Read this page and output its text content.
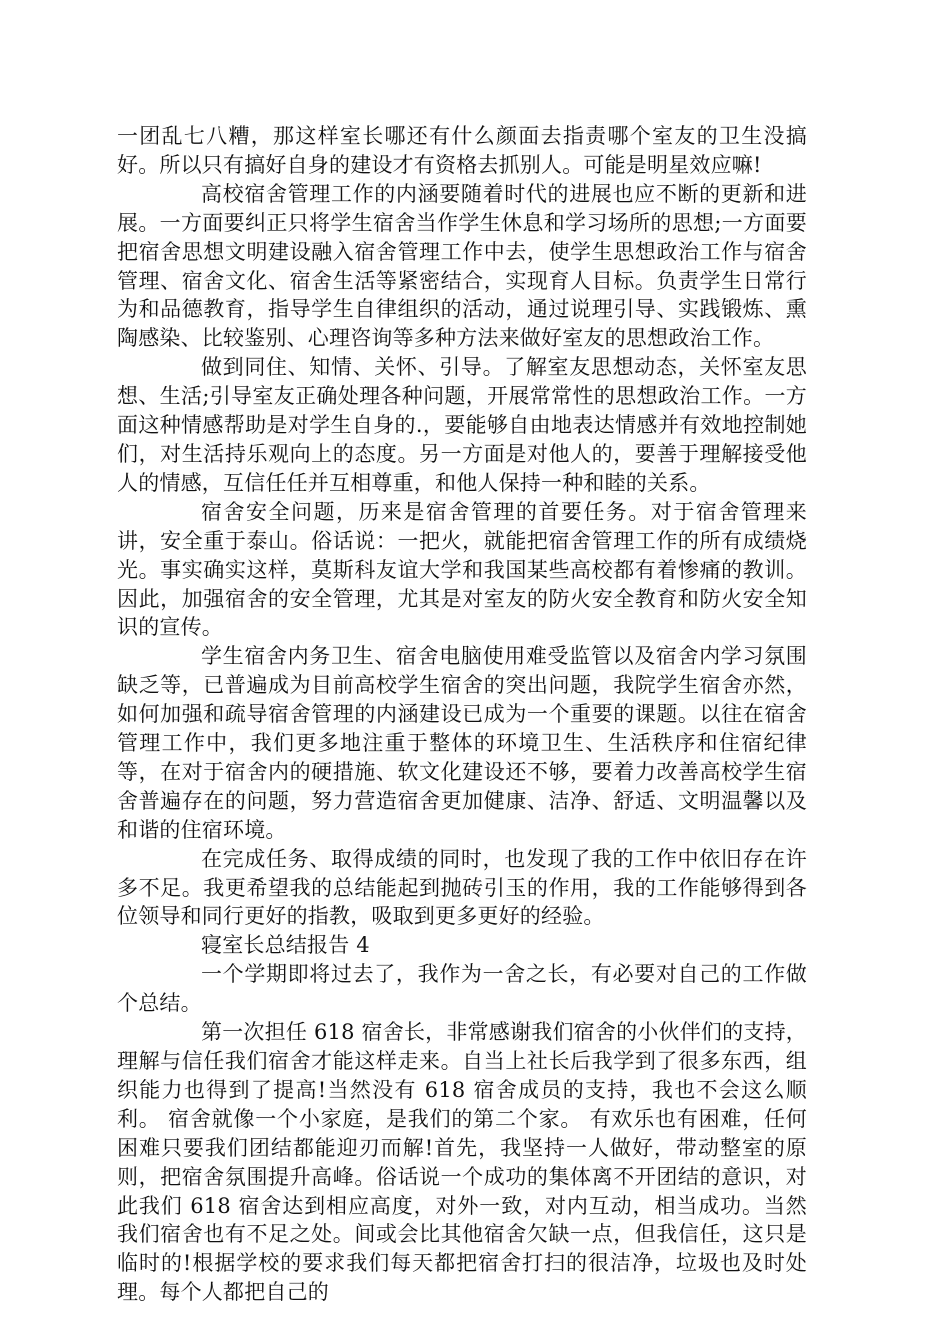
一团乱七八糟，那这样室长哪还有什么颜面去指责哪个室友的卫生没搞好。所以只有搞好自身的建设才有资格去抓别人。可能是明星效应嘛!

高校宿舍管理工作的内涵要随着时代的进展也应不断的更新和进展。一方面要纠正只将学生宿舍当作学生休息和学习场所的思想;一方面要把宿舍思想文明建设融入宿舍管理工作中去，使学生思想政治工作与宿舍管理、宿舍文化、宿舍生活等紧密结合，实现育人目标。负责学生日常行为和品德教育，指导学生自律组织的活动，通过说理引导、实践锻炼、熏陶感染、比较鉴别、心理咨询等多种方法来做好室友的思想政治工作。

做到同住、知情、关怀、引导。了解室友思想动态，关怀室友思想、生活;引导室友正确处理各种问题，开展常常性的思想政治工作。一方面这种情感帮助是对学生自身的.，要能够自由地表达情感并有效地控制她们，对生活持乐观向上的态度。另一方面是对他人的，要善于理解接受他人的情感，互信任任并互相尊重，和他人保持一种和睦的关系。

宿舍安全问题，历来是宿舍管理的首要任务。对于宿舍管理来讲，安全重于泰山。俗话说：一把火，就能把宿舍管理工作的所有成绩烧光。事实确实这样，莫斯科友谊大学和我国某些高校都有着惨痛的教训。因此，加强宿舍的安全管理，尤其是对室友的防火安全教育和防火安全知识的宣传。

学生宿舍内务卫生、宿舍电脑使用难受监管以及宿舍内学习氛围缺乏等，已普遍成为目前高校学生宿舍的突出问题，我院学生宿舍亦然，如何加强和疏导宿舍管理的内涵建设已成为一个重要的课题。以往在宿舍管理工作中，我们更多地注重于整体的环境卫生、生活秩序和住宿纪律等，在对于宿舍内的硬措施、软文化建设还不够，要着力改善高校学生宿舍普遍存在的问题，努力营造宿舍更加健康、洁净、舒适、文明温馨以及和谐的住宿环境。

在完成任务、取得成绩的同时，也发现了我的工作中依旧存在许多不足。我更希望我的总结能起到抛砖引玉的作用，我的工作能够得到各位领导和同行更好的指教，吸取到更多更好的经验。

寝室长总结报告 4

一个学期即将过去了，我作为一舍之长，有必要对自己的工作做个总结。

第一次担任 618 宿舍长，非常感谢我们宿舍的小伙伴们的支持，理解与信任我们宿舍才能这样走来。自当上社长后我学到了很多东西，组织能力也得到了提高!当然没有 618 宿舍成员的支持，我也不会这么顺利。 宿舍就像一个小家庭，是我们的第二个家。 有欢乐也有困难，任何困难只要我们团结都能迎刃而解!首先，我坚持一人做好，带动整室的原则，把宿舍氛围提升高峰。俗话说一个成功的集体离不开团结的意识，对此我们 618 宿舍达到相应高度，对外一致，对内互动，相当成功。当然我们宿舍也有不足之处。间或会比其他宿舍欠缺一点，但我信任，这只是临时的!根据学校的要求我们每天都把宿舍打扫的很洁净，垃圾也及时处理。每个人都把自己的
